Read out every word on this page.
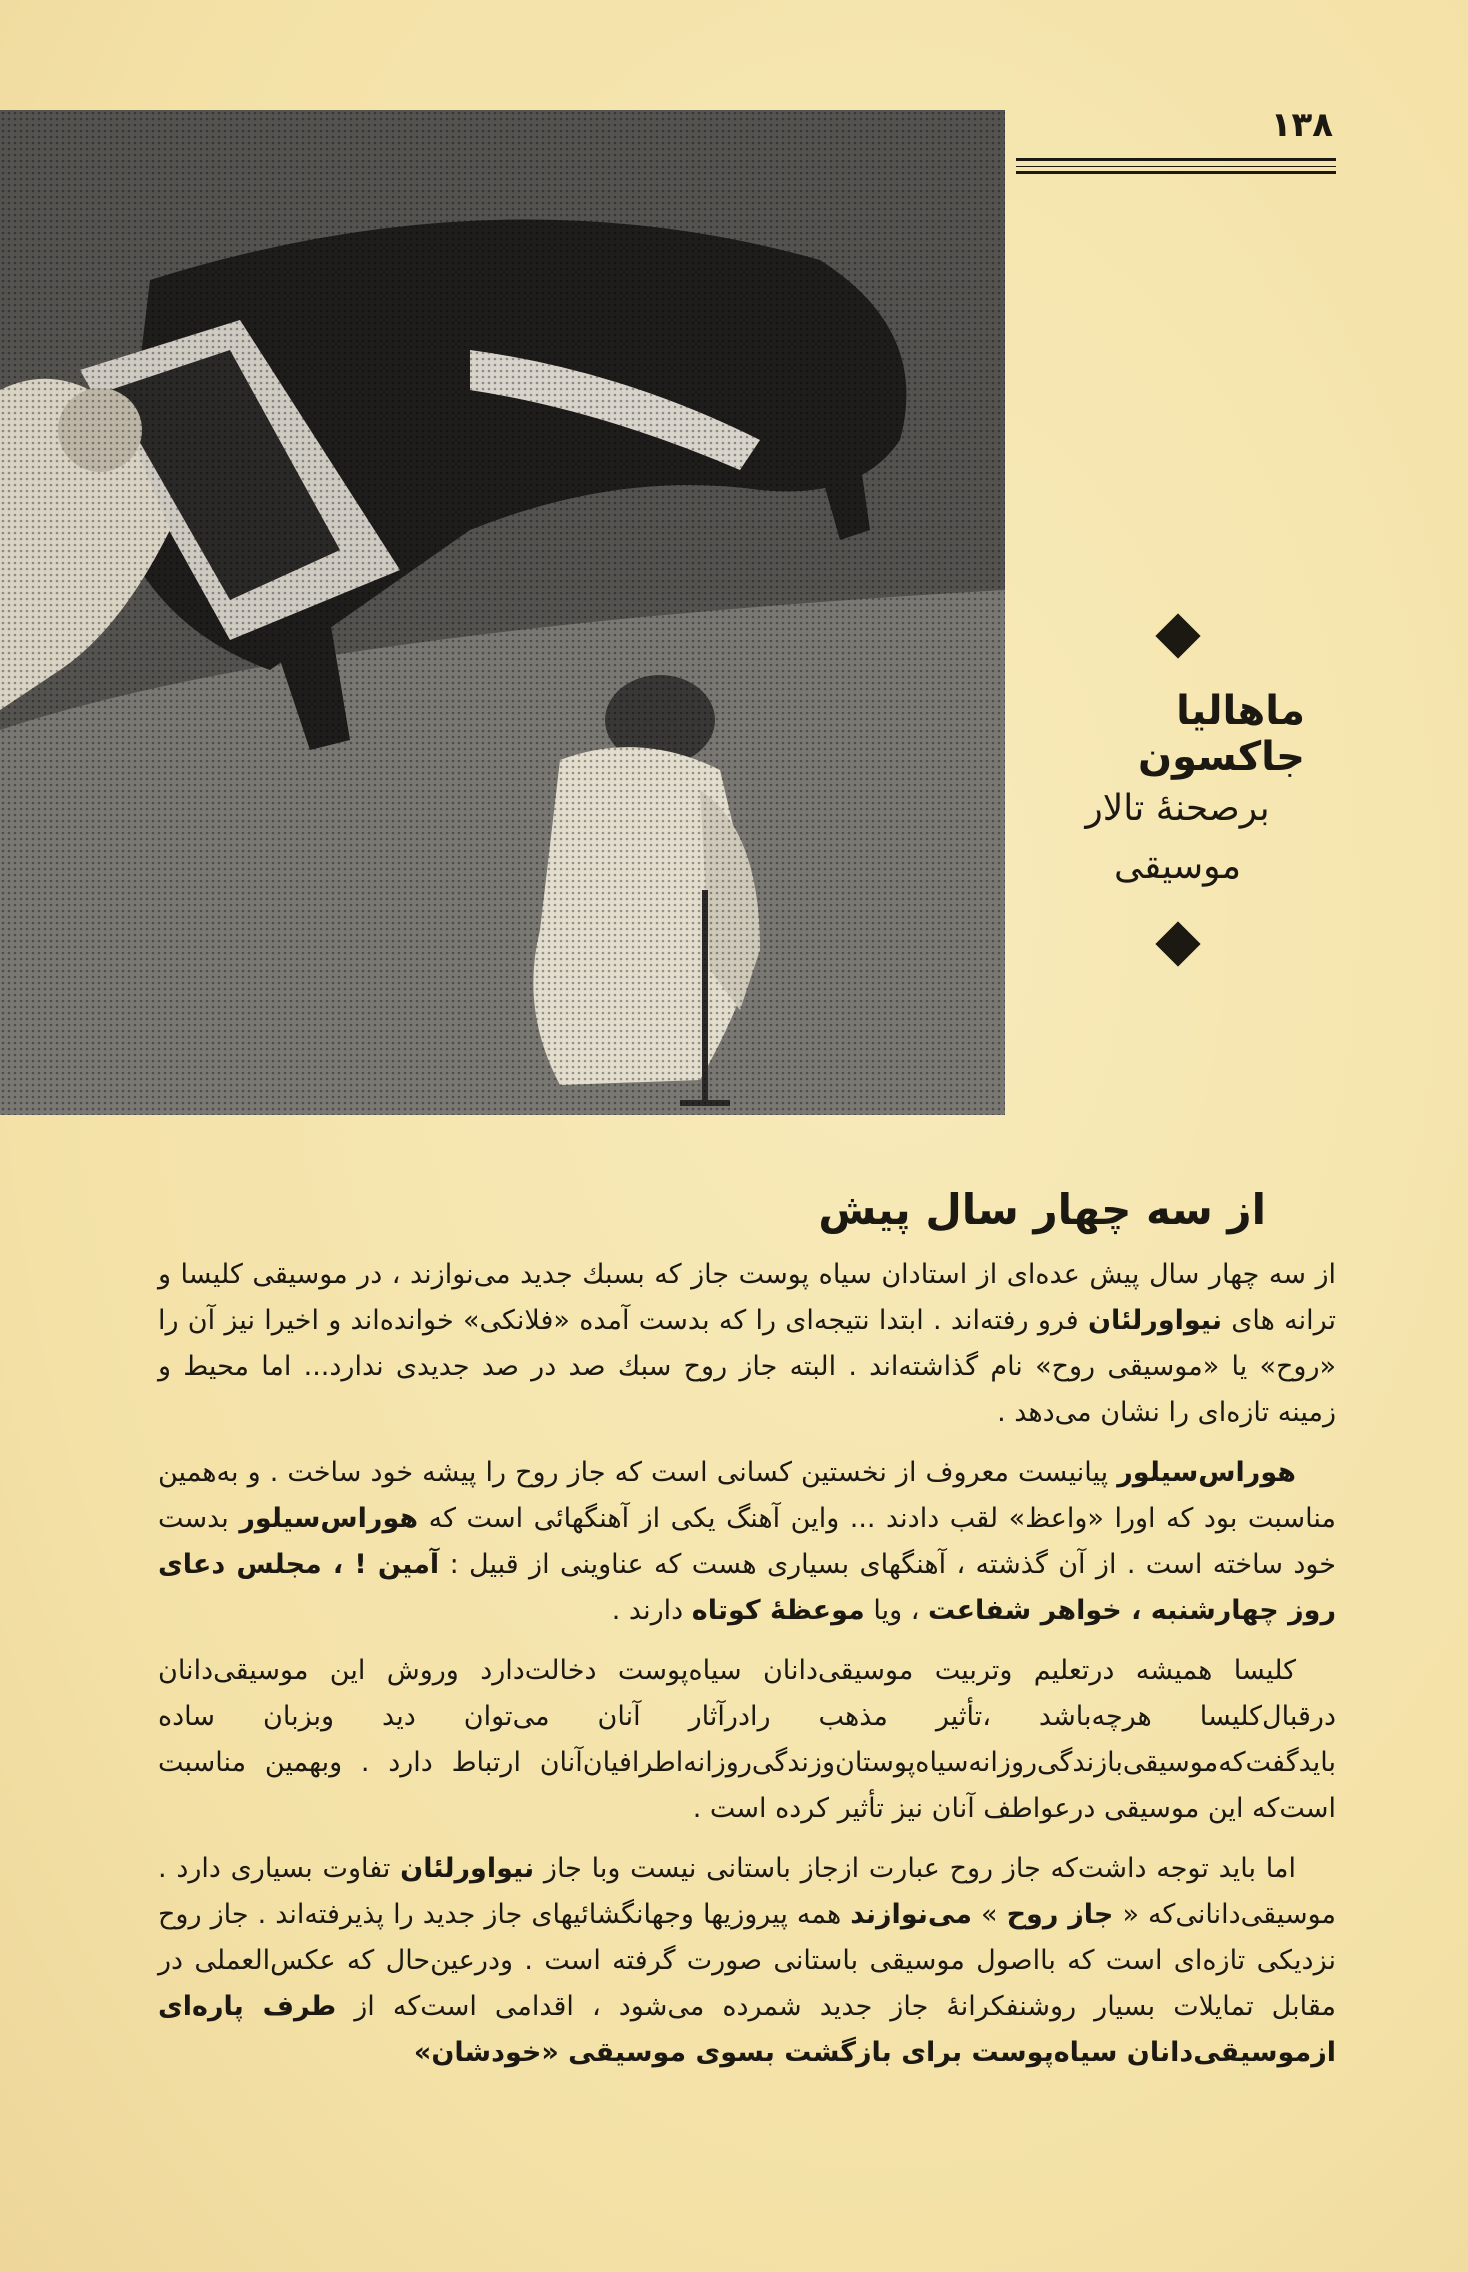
۱۳۸
ماهالیا جاکسون
برصحنهٔ تالار
موسیقی
از سه چهار سال پیش

از سه چهار سال پیش عده‌ای از استادان سیاه پوست جاز که بسبك جدید می‌نوازند ، در موسیقی کلیسا و ترانه های نیواورلئان فرو رفته‌اند . ابتدا نتیجه‌ای را که بدست آمده «فلانکی» خوانده‌اند و اخیرا نیز آن را «روح» یا «موسیقی روح» نام گذاشته‌اند . البته جاز روح سبك صد در صد جدیدی ندارد... اما محیط و زمینه تازه‌ای را نشان می‌دهد .

هوراس‌سیلور پیانیست معروف از نخستین کسانی است که جاز روح را پیشه خود ساخت . و به‌همین مناسبت بود که اورا «واعظ» لقب دادند ... واین آهنگ یکی از آهنگهائی است که هوراس‌سیلور بدست خود ساخته است . از آن گذشته ، آهنگهای بسیاری هست که عناوینی از قبیل : آمین ! ، مجلس دعای روز چهارشنبه ، خواهر شفاعت ، ویا موعظهٔ کوتاه دارند .

کلیسا همیشه درتعلیم وتربیت موسیقی‌دانان سیاه‌پوست دخالت‌دارد وروش این موسیقی‌دانان درقبال‌کلیسا هرچه‌باشد ،تأثیر مذهب رادرآثار آنان می‌توان دید وبزبان ساده بایدگفت‌که‌موسیقی‌بازندگی‌روزانه‌سیاه‌پوستان‌وزندگی‌روزانه‌اطرافیان‌آنان ارتباط دارد . وبهمین مناسبت است‌که این موسیقی درعواطف آنان نیز تأثیر کرده است .

اما باید توجه داشت‌که جاز روح عبارت ازجاز باستانی نیست وبا جاز نیواورلئان تفاوت بسیاری دارد . موسیقی‌دانانی‌که « جاز روح » می‌نوازند همه پیروزیها وجهانگشائیهای جاز جدید را پذیرفته‌اند . جاز روح نزدیکی تازه‌ای است که بااصول موسیقی باستانی صورت گرفته است . ودرعین‌حال که عکس‌العملی در مقابل تمایلات بسیار روشنفکرانهٔ جاز جدید شمرده می‌شود ، اقدامی است‌که از طرف پاره‌ای ازموسیقی‌دانان سیاه‌پوست برای بازگشت بسوی موسیقی «خودشان»
